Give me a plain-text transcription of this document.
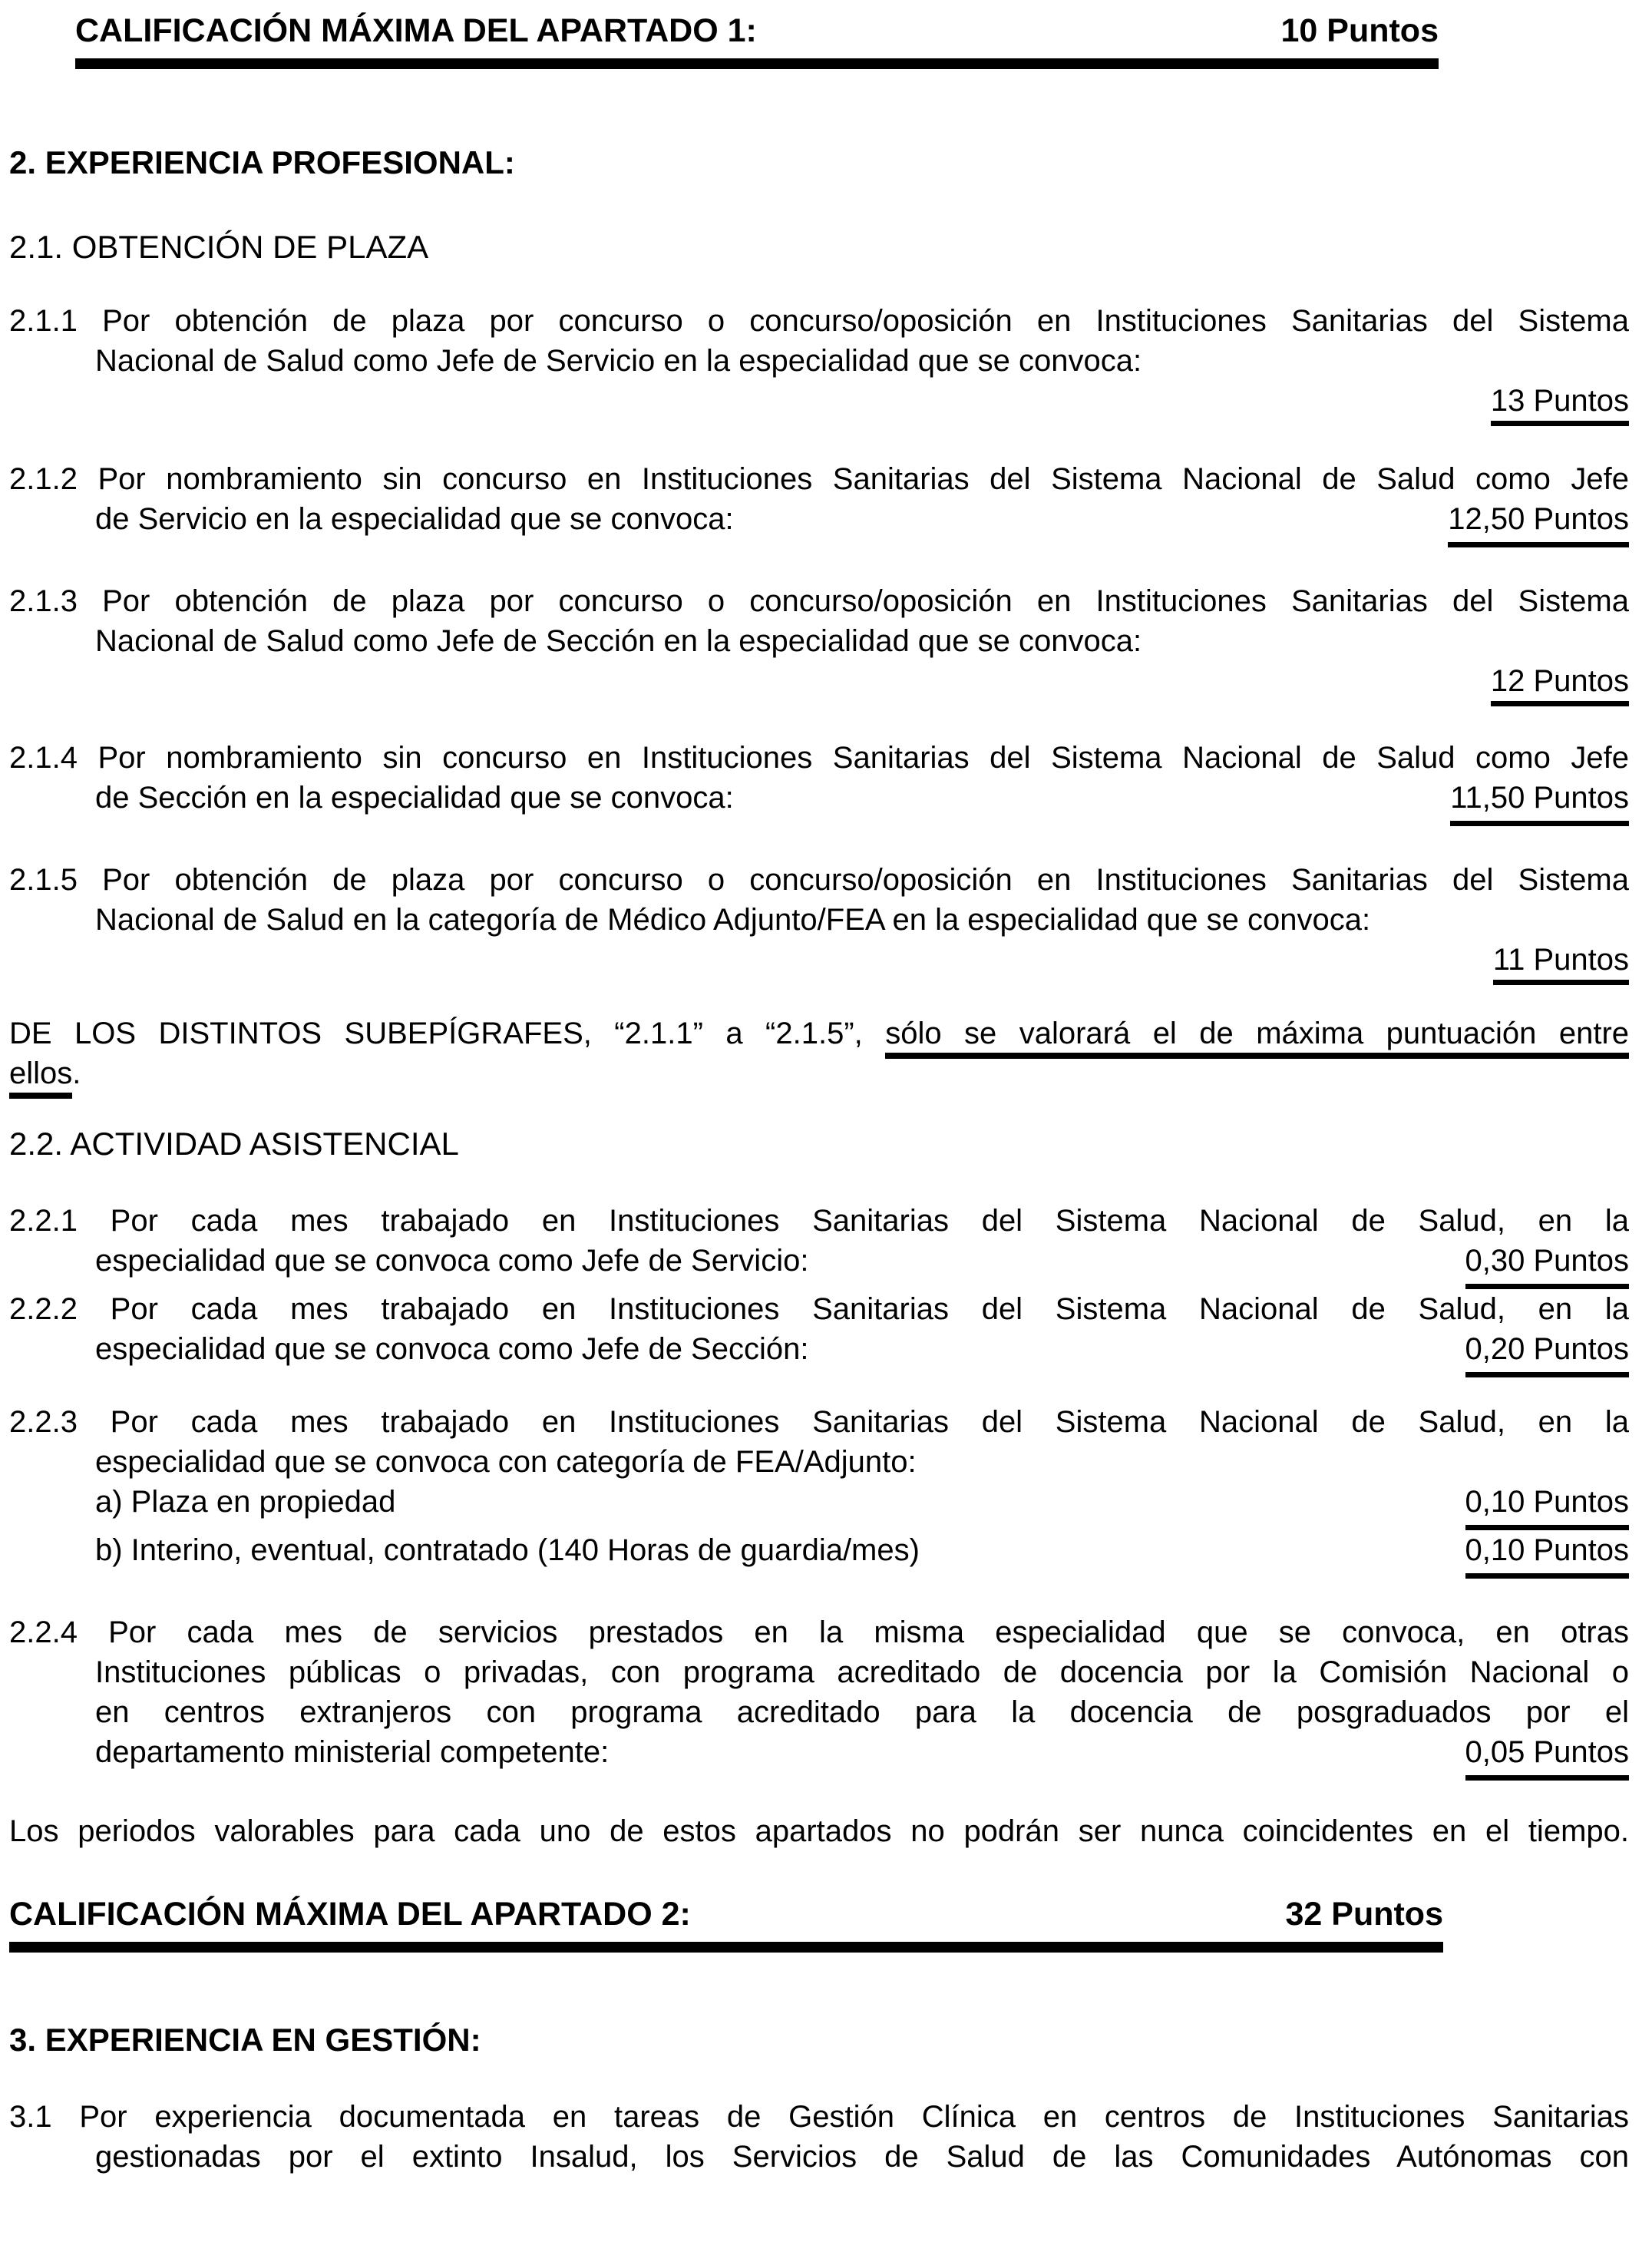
CALIFICACIÓN MÁXIMA DEL APARTADO 1:	10 Puntos
2. EXPERIENCIA PROFESIONAL:
2.1. OBTENCIÓN DE PLAZA
2.1.1 Por obtención de plaza por concurso o concurso/oposición en Instituciones Sanitarias del Sistema
Nacional de Salud como Jefe de Servicio en la especialidad que se convoca:
13 Puntos
2.1.2 Por nombramiento sin concurso en Instituciones Sanitarias del Sistema Nacional de Salud como Jefe
de Servicio en la especialidad que se convoca:	12,50 Puntos
2.1.3 Por obtención de plaza por concurso o concurso/oposición en Instituciones Sanitarias del Sistema
Nacional de Salud como Jefe de Sección en la especialidad que se convoca:
12 Puntos
2.1.4 Por nombramiento sin concurso en Instituciones Sanitarias del Sistema Nacional de Salud como Jefe
de Sección en la especialidad que se convoca:	11,50 Puntos
2.1.5 Por obtención de plaza por concurso o concurso/oposición en Instituciones Sanitarias del Sistema
Nacional de Salud en la categoría de Médico Adjunto/FEA en la especialidad que se convoca:
11 Puntos
DE LOS DISTINTOS SUBEPÍGRAFES, “2.1.1” a “2.1.5”, sólo se valorará el de máxima puntuación entre
ellos.
2.2. ACTIVIDAD ASISTENCIAL
2.2.1 Por cada mes trabajado en Instituciones Sanitarias del Sistema Nacional de Salud, en la
especialidad que se convoca como Jefe de Servicio:	0,30 Puntos
2.2.2 Por cada mes trabajado en Instituciones Sanitarias del Sistema Nacional de Salud, en la
especialidad que se convoca como Jefe de Sección:	0,20 Puntos
2.2.3 Por cada mes trabajado en Instituciones Sanitarias del Sistema Nacional de Salud, en la
especialidad que se convoca con categoría de FEA/Adjunto:
a) Plaza en propiedad	0,10 Puntos
b) Interino, eventual, contratado (140 Horas de guardia/mes)	0,10 Puntos
2.2.4 Por cada mes de servicios prestados en la misma especialidad que se convoca, en otras
Instituciones públicas o privadas, con programa acreditado de docencia por la Comisión Nacional o
en centros extranjeros con programa acreditado para la docencia de posgraduados por el
departamento ministerial competente:	0,05 Puntos
Los periodos valorables para cada uno de estos apartados no podrán ser nunca coincidentes en el tiempo.
CALIFICACIÓN MÁXIMA DEL APARTADO 2:	32 Puntos
3. EXPERIENCIA EN GESTIÓN:
3.1 Por experiencia documentada en tareas de Gestión Clínica en centros de Instituciones Sanitarias
gestionadas por el extinto Insalud, los Servicios de Salud de las Comunidades Autónomas con
